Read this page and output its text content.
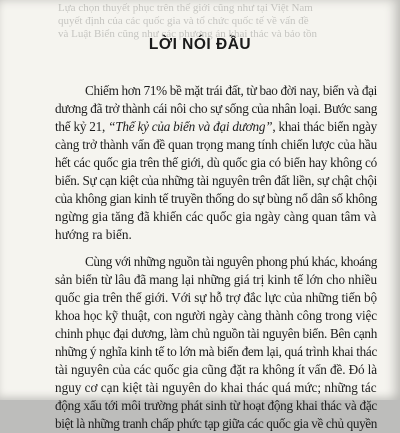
Lựa chọn thuyết phục trên thế giới cũng như tại Việt Nam
quyết định của các quốc gia và tổ chức quốc tế về vấn đề
và Luật Biển cũng như các phương án khai thác và bảo tồn
LỜI NÓI ĐẦU
Chiếm hơn 71% bề mặt trái đất, từ bao đời nay, biển và đại
dương đã trở thành cái nôi cho sự sống của nhân loại. Bước sang
thế kỷ 21, “Thế kỷ của biển và đại dương”, khai thác biển ngày
càng trở thành vấn đề quan trọng mang tính chiến lược của hầu
hết các quốc gia trên thế giới, dù quốc gia có biển hay không có
biển. Sự cạn kiệt của những tài nguyên trên đất liền, sự chật chội
của không gian kinh tế truyền thống do sự bùng nổ dân số không
ngừng gia tăng đã khiến các quốc gia ngày càng quan tâm và
hướng ra biển.
Cùng với những nguồn tài nguyên phong phú khác, khoáng
sản biển từ lâu đã mang lại những giá trị kinh tế lớn cho nhiều
quốc gia trên thế giới. Với sự hỗ trợ đắc lực của những tiến bộ
khoa học kỹ thuật, con người ngày càng thành công trong việc
chinh phục đại dương, làm chủ nguồn tài nguyên biển. Bên cạnh
những ý nghĩa kinh tế to lớn mà biển đem lại, quá trình khai thác
tài nguyên của các quốc gia cũng đặt ra không ít vấn đề. Đó là
nguy cơ cạn kiệt tài nguyên do khai thác quá mức; những tác
động xấu tới môi trường phát sinh từ hoạt động khai thác và đặc
biệt là những tranh chấp phức tạp giữa các quốc gia về chủ quyền
